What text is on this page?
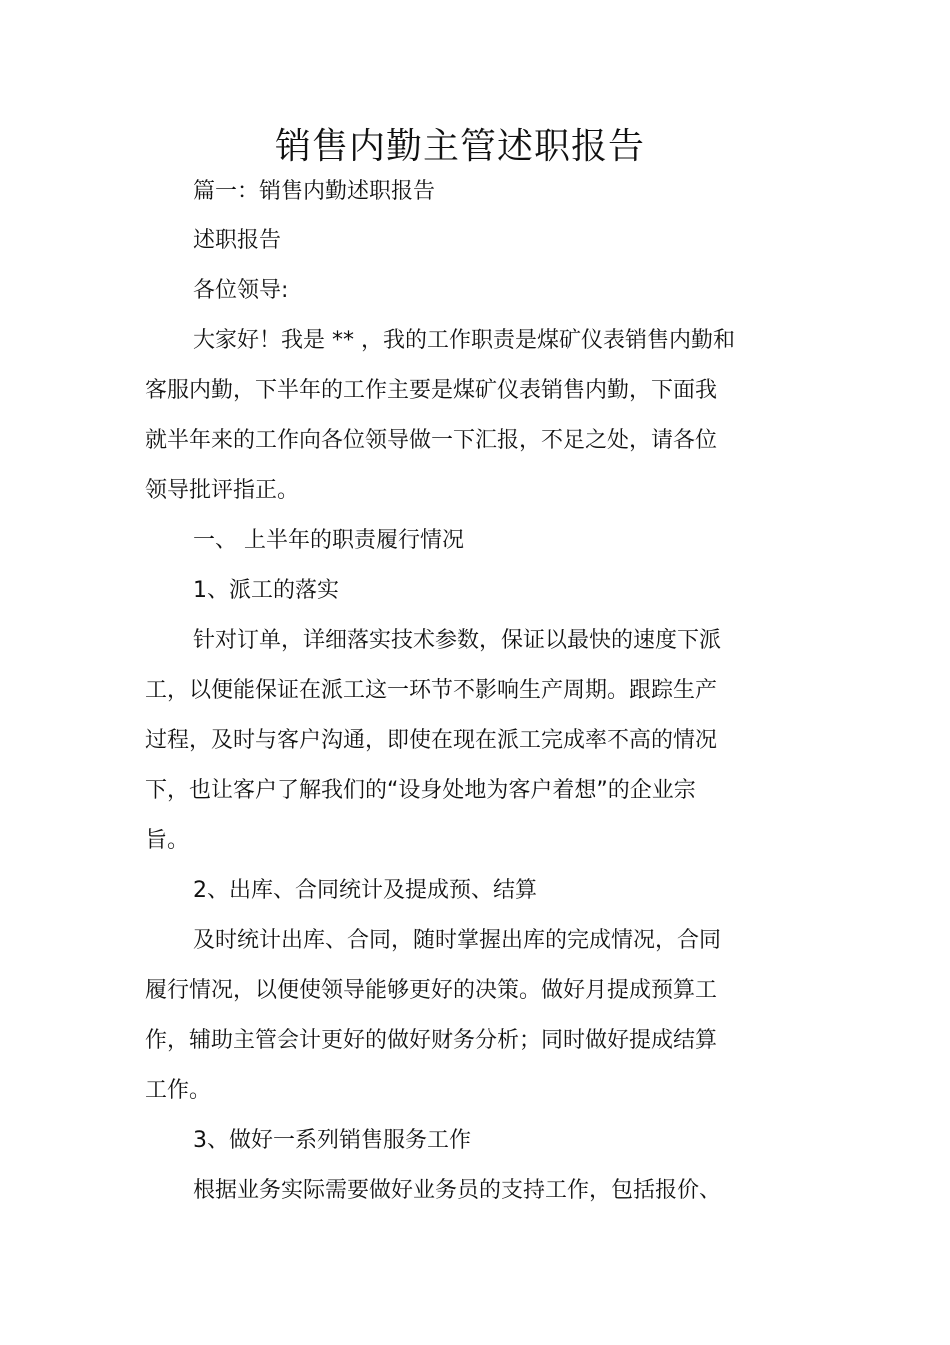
销售内勤主管述职报告
篇一：销售内勤述职报告
述职报告
各位领导:
大家好！我是 ** ，我的工作职责是煤矿仪表销售内勤和
客服内勤，下半年的工作主要是煤矿仪表销售内勤，下面我
就半年来的工作向各位领导做一下汇报，不足之处，请各位
领导批评指正。
一、 上半年的职责履行情况
1、派工的落实
针对订单，详细落实技术参数，保证以最快的速度下派
工，以便能保证在派工这一环节不影响生产周期。跟踪生产
过程，及时与客户沟通，即使在现在派工完成率不高的情况
下，也让客户了解我们的“设身处地为客户着想”的企业宗
旨。
2、出库、合同统计及提成预、结算
及时统计出库、合同，随时掌握出库的完成情况，合同
履行情况，以便使领导能够更好的决策。做好月提成预算工
作，辅助主管会计更好的做好财务分析；同时做好提成结算
工作。
3、做好一系列销售服务工作
根据业务实际需要做好业务员的支持工作，包括报价、
